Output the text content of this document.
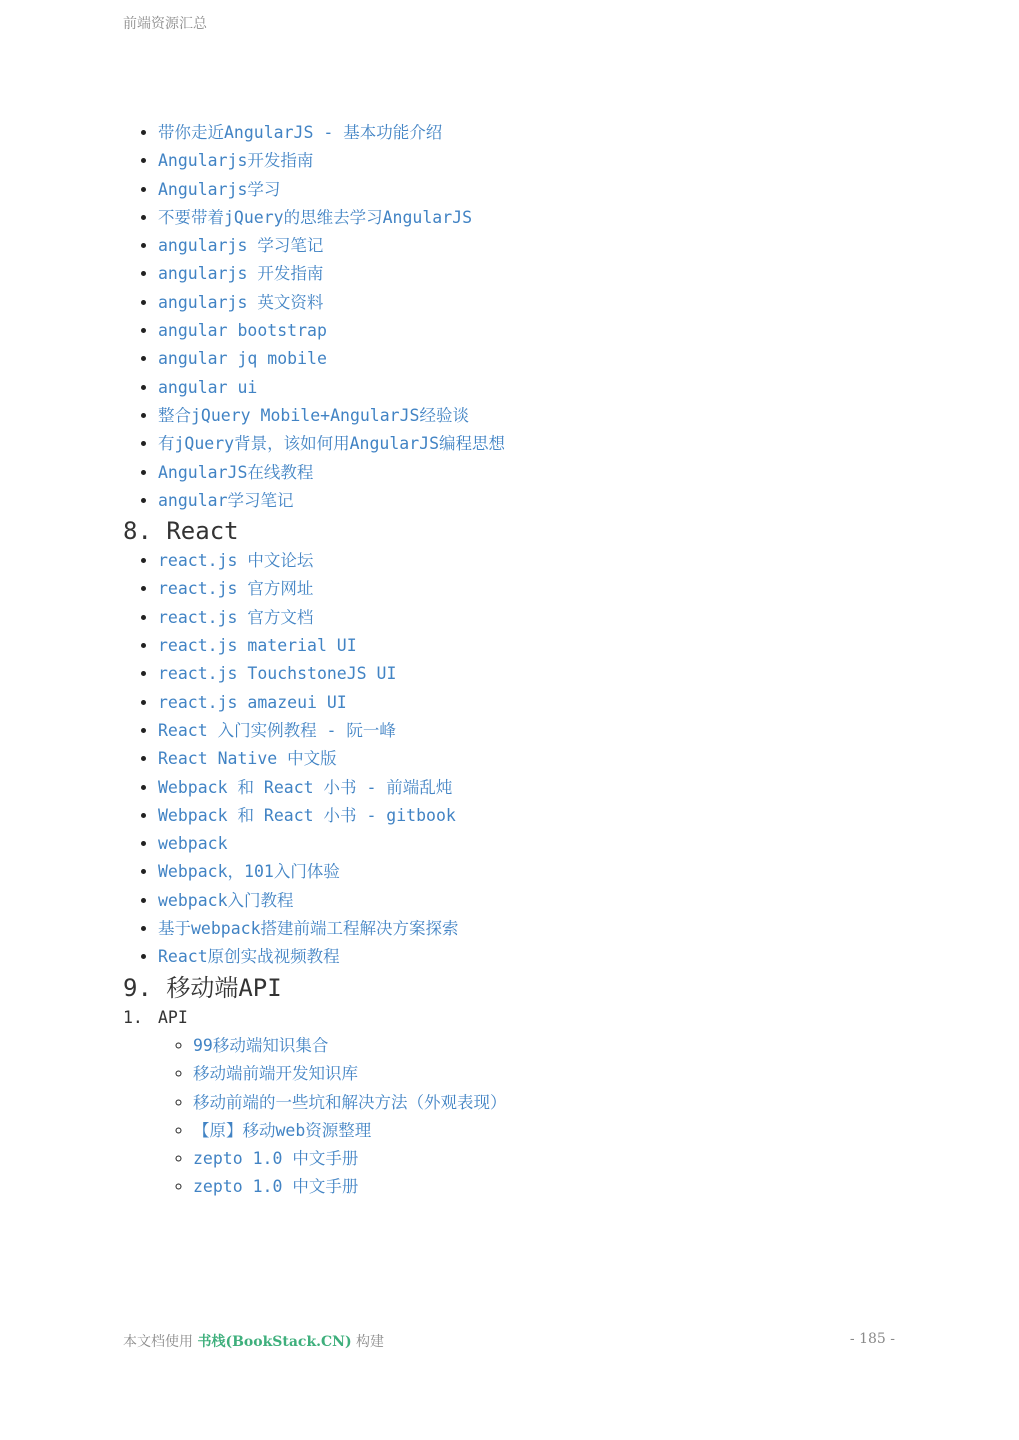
前端资源汇总
• 带你走近AngularJS - 基本功能介绍
• Angularjs开发指南
• Angularjs学习
• 不要带着jQuery的思维去学习AngularJS
• angularjs 学习笔记
• angularjs 开发指南
• angularjs 英文资料
• angular bootstrap
• angular jq mobile
• angular ui
• 整合jQuery Mobile+AngularJS经验谈
• 有jQuery背景，该如何用AngularJS编程思想
• AngularJS在线教程
• angular学习笔记
8. React
• react.js 中文论坛
• react.js 官方网址
• react.js 官方文档
• react.js material UI
• react.js TouchstoneJS UI
• react.js amazeui UI
• React 入门实例教程 - 阮一峰
• React Native 中文版
• Webpack 和 React 小书 - 前端乱炖
• Webpack 和 React 小书 - gitbook
• webpack
• Webpack，101入门体验
• webpack入门教程
• 基于webpack搭建前端工程解决方案探索
• React原创实战视频教程
9. 移动端API
1. API
◦ 99移动端知识集合
◦ 移动端前端开发知识库
◦ 移动前端的一些坑和解决方法（外观表现）
◦ 【原】移动web资源整理
◦ zepto 1.0 中文手册
◦ zepto 1.0 中文手册
本文档使用 书栈(BookStack.CN) 构建	- 185 -
